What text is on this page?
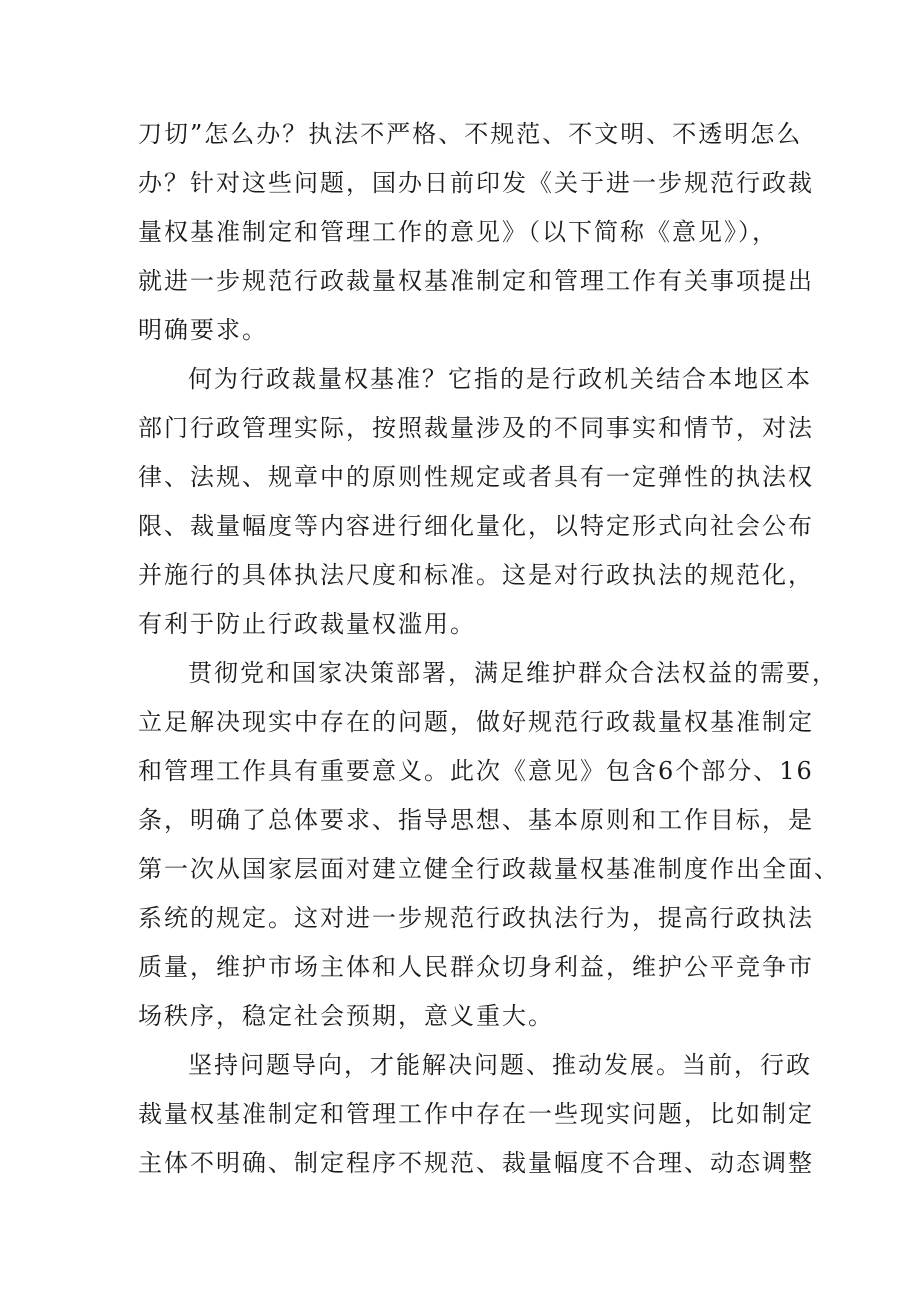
刀切”怎么办？执法不严格、不规范、不文明、不透明怎么
办？针对这些问题，国办日前印发《关于进一步规范行政裁
量权基准制定和管理工作的意见》（以下简称《意见》），
就进一步规范行政裁量权基准制定和管理工作有关事项提出
明确要求。
何为行政裁量权基准？它指的是行政机关结合本地区本
部门行政管理实际，按照裁量涉及的不同事实和情节，对法
律、法规、规章中的原则性规定或者具有一定弹性的执法权
限、裁量幅度等内容进行细化量化，以特定形式向社会公布
并施行的具体执法尺度和标准。这是对行政执法的规范化，
有利于防止行政裁量权滥用。
贯彻党和国家决策部署，满足维护群众合法权益的需要，
立足解决现实中存在的问题，做好规范行政裁量权基准制定
和管理工作具有重要意义。此次《意见》包含6个部分、16
条，明确了总体要求、指导思想、基本原则和工作目标，是
第一次从国家层面对建立健全行政裁量权基准制度作出全面、
系统的规定。这对进一步规范行政执法行为，提高行政执法
质量，维护市场主体和人民群众切身利益，维护公平竞争市
场秩序，稳定社会预期，意义重大。
坚持问题导向，才能解决问题、推动发展。当前，行政
裁量权基准制定和管理工作中存在一些现实问题，比如制定
主体不明确、制定程序不规范、裁量幅度不合理、动态调整
